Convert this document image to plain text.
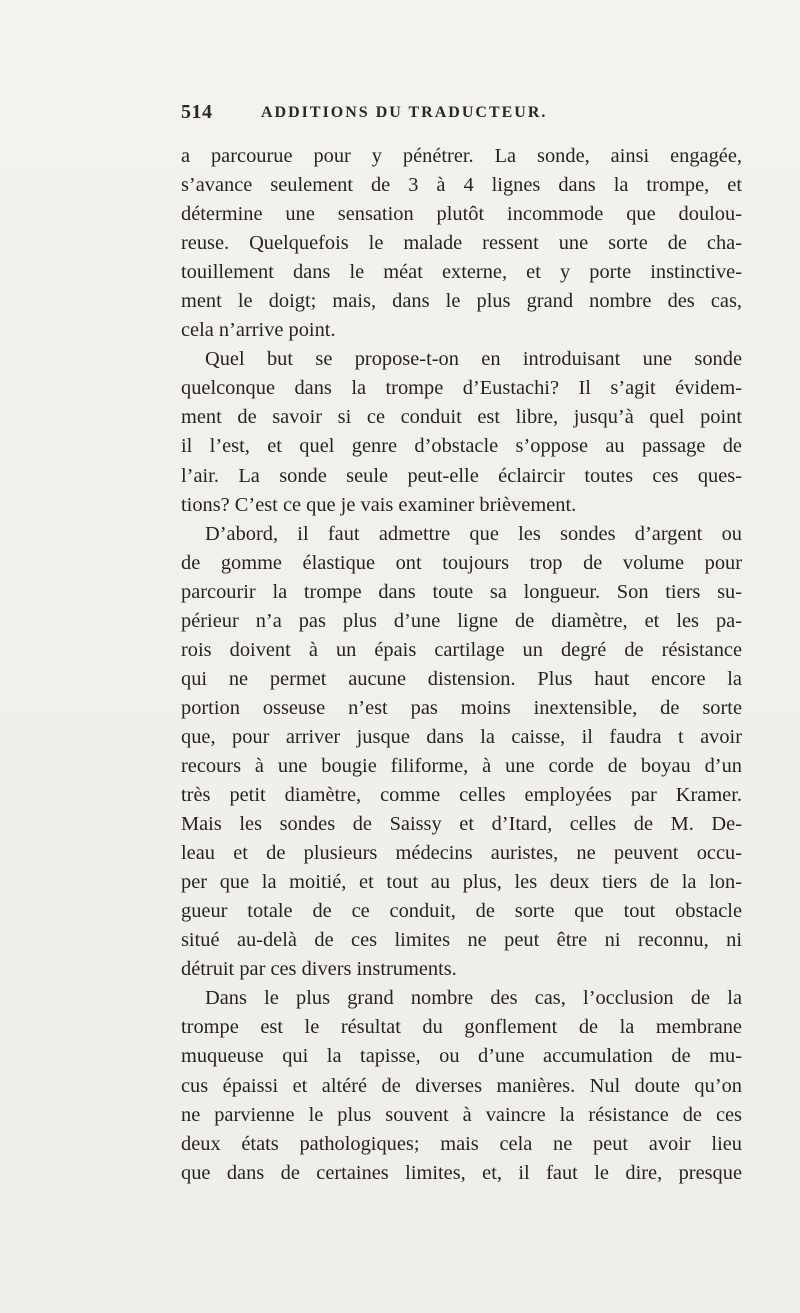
514	ADDITIONS DU TRADUCTEUR.
a parcourue pour y pénétrer. La sonde, ainsi engagée,
s’avance seulement de 3 à 4 lignes dans la trompe, et
détermine une sensation plutôt incommode que doulou-
reuse. Quelquefois le malade ressent une sorte de cha-
touillement dans le méat externe, et y porte instinctive-
ment le doigt; mais, dans le plus grand nombre des cas,
cela n’arrive point.
Quel but se propose-t-on en introduisant une sonde
quelconque dans la trompe d’Eustachi? Il s’agit évidem-
ment de savoir si ce conduit est libre, jusqu’à quel point
il l’est, et quel genre d’obstacle s’oppose au passage de
l’air. La sonde seule peut-elle éclaircir toutes ces ques-
tions? C’est ce que je vais examiner brièvement.
D’abord, il faut admettre que les sondes d’argent ou
de gomme élastique ont toujours trop de volume pour
parcourir la trompe dans toute sa longueur. Son tiers su-
périeur n’a pas plus d’une ligne de diamètre, et les pa-
rois doivent à un épais cartilage un degré de résistance
qui ne permet aucune distension. Plus haut encore la
portion osseuse n’est pas moins inextensible, de sorte
que, pour arriver jusque dans la caisse, il faudra t avoir
recours à une bougie filiforme, à une corde de boyau d’un
très petit diamètre, comme celles employées par Kramer.
Mais les sondes de Saissy et d’Itard, celles de M. De-
leau et de plusieurs médecins auristes, ne peuvent occu-
per que la moitié, et tout au plus, les deux tiers de la lon-
gueur totale de ce conduit, de sorte que tout obstacle
situé au-delà de ces limites ne peut être ni reconnu, ni
détruit par ces divers instruments.
Dans le plus grand nombre des cas, l’occlusion de la
trompe est le résultat du gonflement de la membrane
muqueuse qui la tapisse, ou d’une accumulation de mu-
cus épaissi et altéré de diverses manières. Nul doute qu’on
ne parvienne le plus souvent à vaincre la résistance de ces
deux états pathologiques; mais cela ne peut avoir lieu
que dans de certaines limites, et, il faut le dire, presque
